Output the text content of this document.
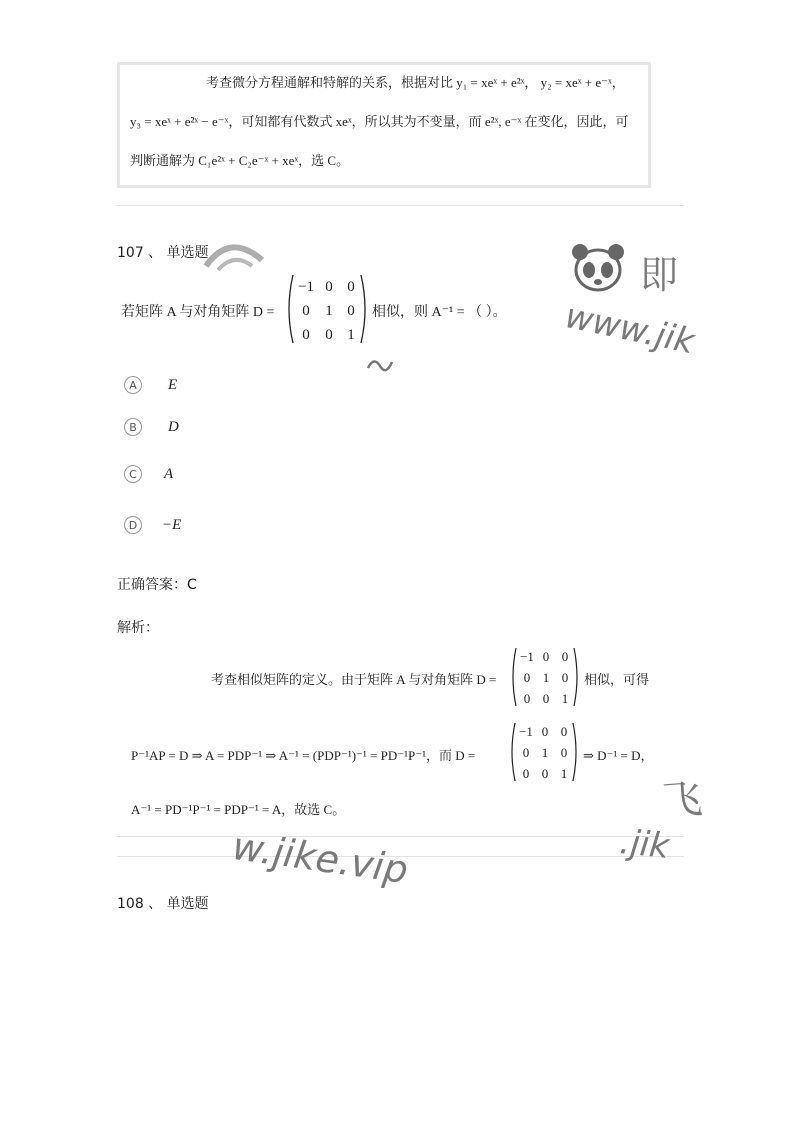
考查微分方程通解和特解的关系，根据对比 y₁ = xeˣ + e²ˣ， y₂ = xeˣ + e⁻ˣ，
y₃ = xeˣ + e²ˣ − e⁻ˣ，可知都有代数式 xeˣ，所以其为不变量，而 e²ˣ, e⁻ˣ 在变化，因此，可
判断通解为 C₁e²ˣ + C₂e⁻ˣ + xeˣ，选 C。
107 、 单选题
若矩阵 A 与对角矩阵 D =
−1 0 0
0 1 0
0 0 1
相似，则 A⁻¹ = （ ）。
A	E
B	D
C	A
D	−E
正确答案：C
解析：
考查相似矩阵的定义。由于矩阵 A 与对角矩阵 D =
−1 0 0
0 1 0
0 0 1
相似，可得
P⁻¹AP = D ⇒ A = PDP⁻¹ ⇒ A⁻¹ = (PDP⁻¹)⁻¹ = PD⁻¹P⁻¹，而 D =
−1 0 0
0 1 0
0 0 1
⇒ D⁻¹ = D，
A⁻¹ = PD⁻¹P⁻¹ = PDP⁻¹ = A，故选 C。
108 、 单选题
即
www.jik
w.jike.vip	.jik
飞
